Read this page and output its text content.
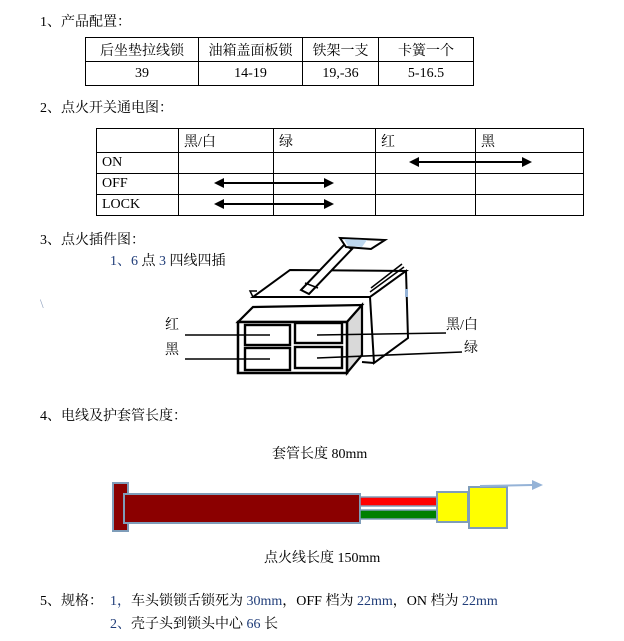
1、产品配置：
后坐垫拉线锁	油箱盖面板锁	铁架一支	卡簧一个
39	14-19	19,-36	5-16.5
2、点火开关通电图：
	黑/白	绿	红	黑
ON				
OFF				
LOCK				
3、点火插件图：
1、6 点 3 四线四插
\
红
黑
黑/白
绿
4、电线及护套管长度：
套管长度 80mm
点火线长度 150mm
5、规格： 1，车头锁锁舌锁死为 30mm，OFF 档为 22mm，ON 档为 22mm
2、壳子头到锁头中心 66 长
